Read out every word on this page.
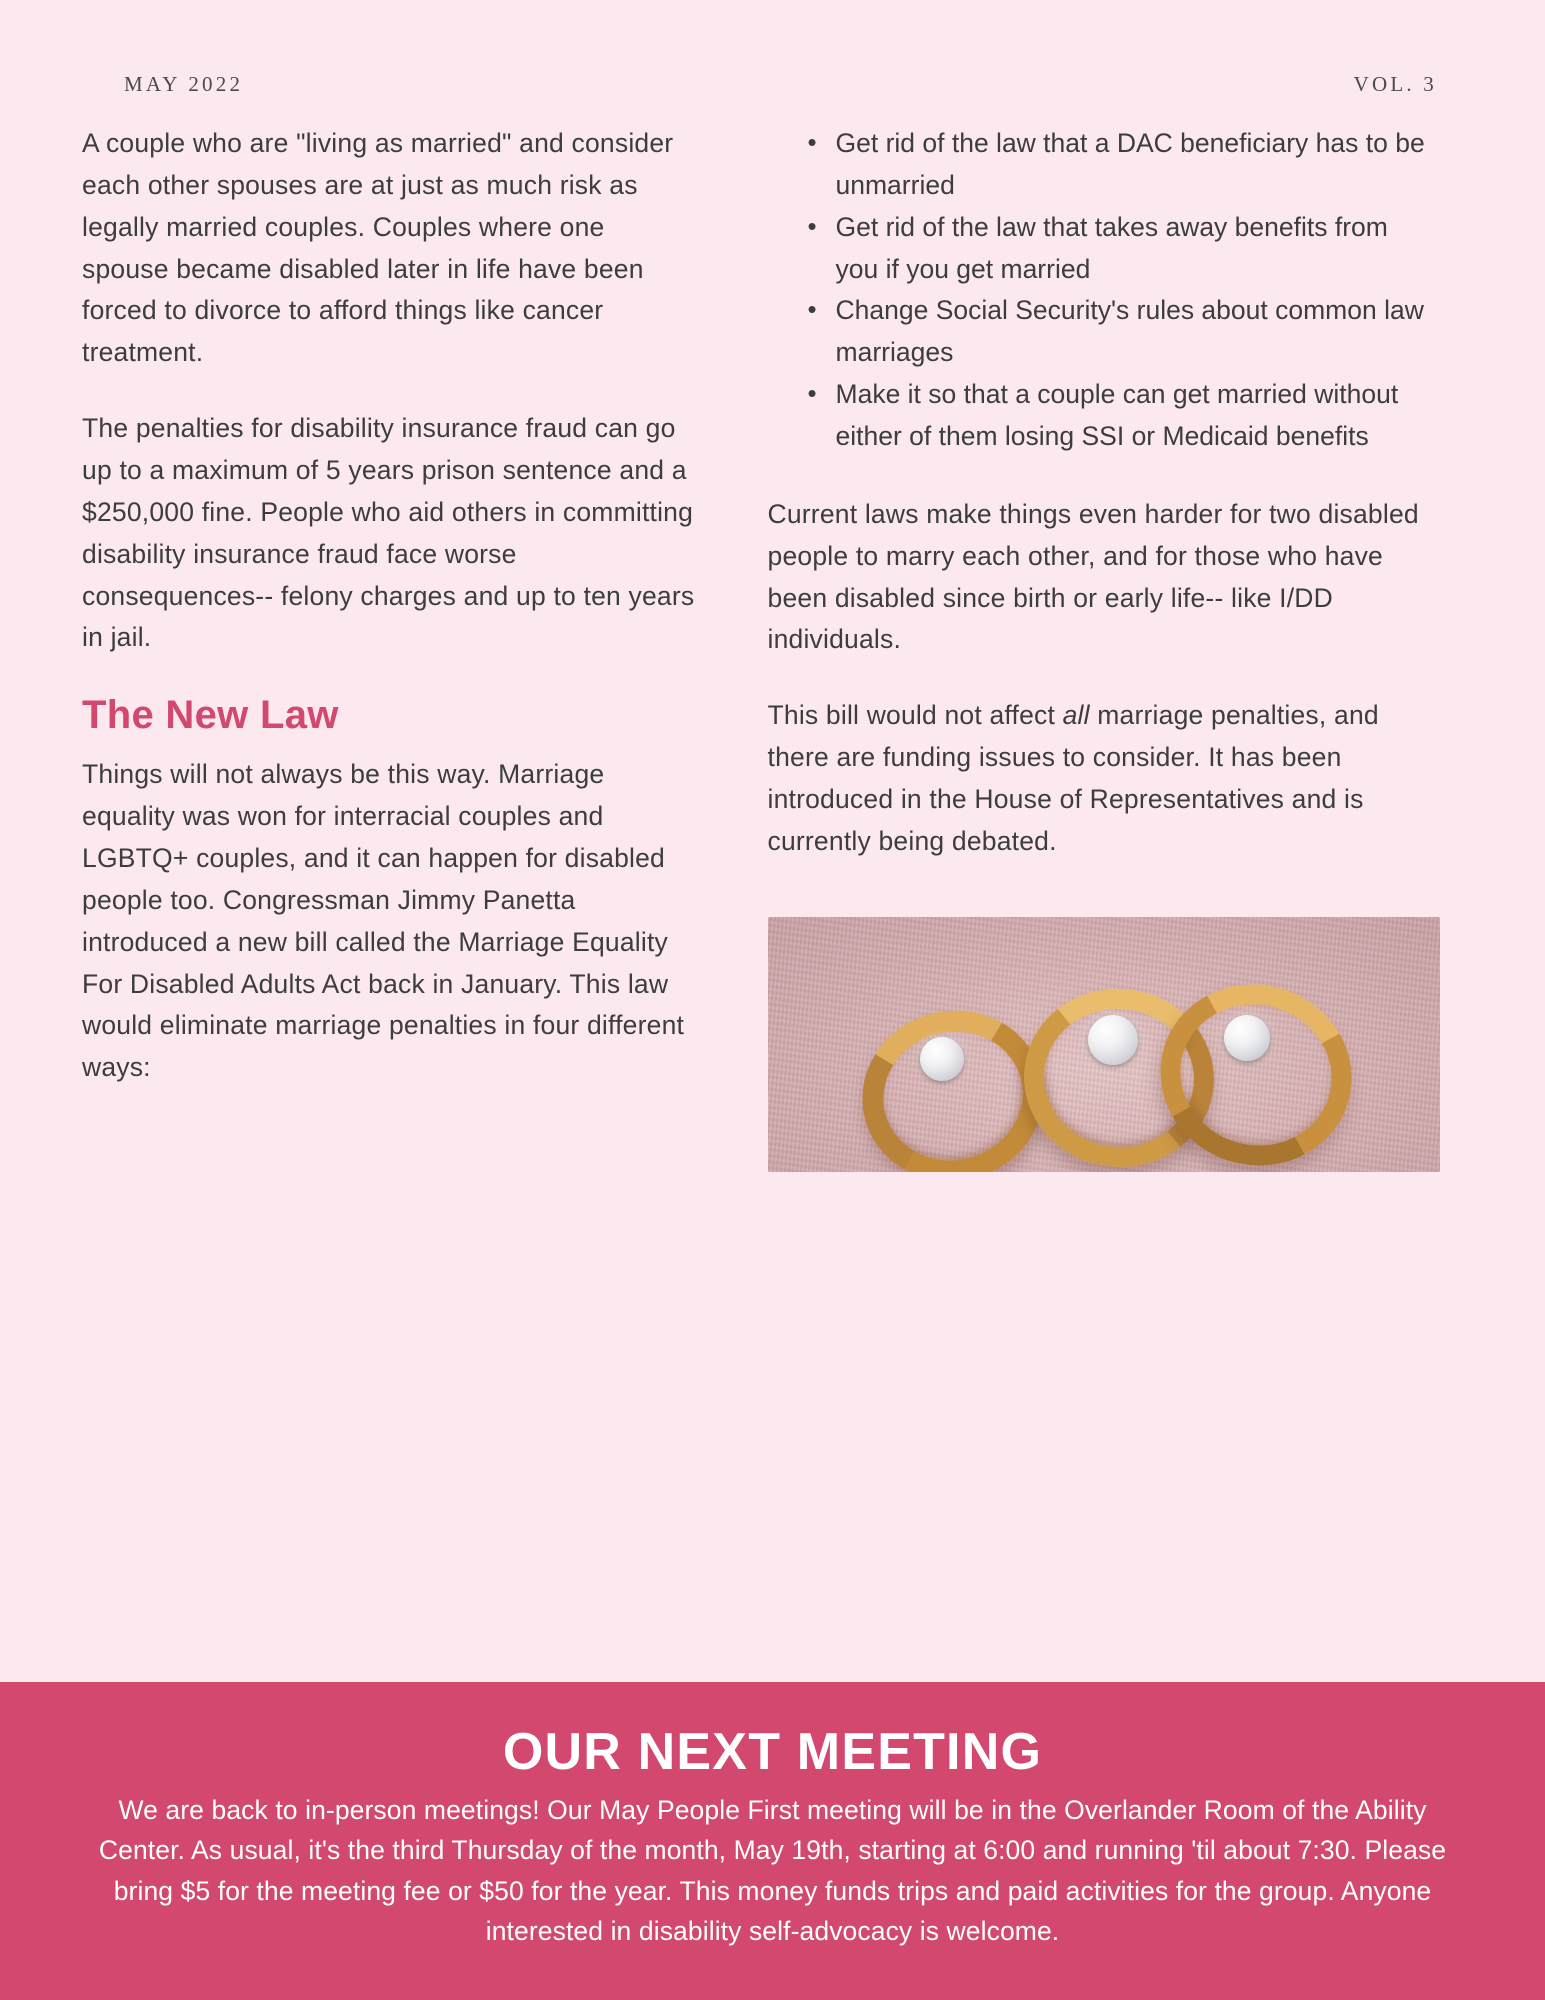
MAY 2022	VOL. 3

A couple who are "living as married" and consider each other spouses are at just as much risk as legally married couples. Couples where one spouse became disabled later in life have been forced to divorce to afford things like cancer treatment.

The penalties for disability insurance fraud can go up to a maximum of 5 years prison sentence and a $250,000 fine. People who aid others in committing disability insurance fraud face worse consequences-- felony charges and up to ten years in jail.

The New Law

Things will not always be this way. Marriage equality was won for interracial couples and LGBTQ+ couples, and it can happen for disabled people too. Congressman Jimmy Panetta introduced a new bill called the Marriage Equality For Disabled Adults Act back in January. This law would eliminate marriage penalties in four different ways:

• Get rid of the law that a DAC beneficiary has to be unmarried
• Get rid of the law that takes away benefits from you if you get married
• Change Social Security's rules about common law marriages
• Make it so that a couple can get married without either of them losing SSI or Medicaid benefits

Current laws make things even harder for two disabled people to marry each other, and for those who have been disabled since birth or early life-- like I/DD individuals.

This bill would not affect all marriage penalties, and there are funding issues to consider. It has been introduced in the House of Representatives and is currently being debated.

OUR NEXT MEETING

We are back to in-person meetings! Our May People First meeting will be in the Overlander Room of the Ability Center. As usual, it's the third Thursday of the month, May 19th, starting at 6:00 and running 'til about 7:30. Please bring $5 for the meeting fee or $50 for the year. This money funds trips and paid activities for the group. Anyone interested in disability self-advocacy is welcome.
